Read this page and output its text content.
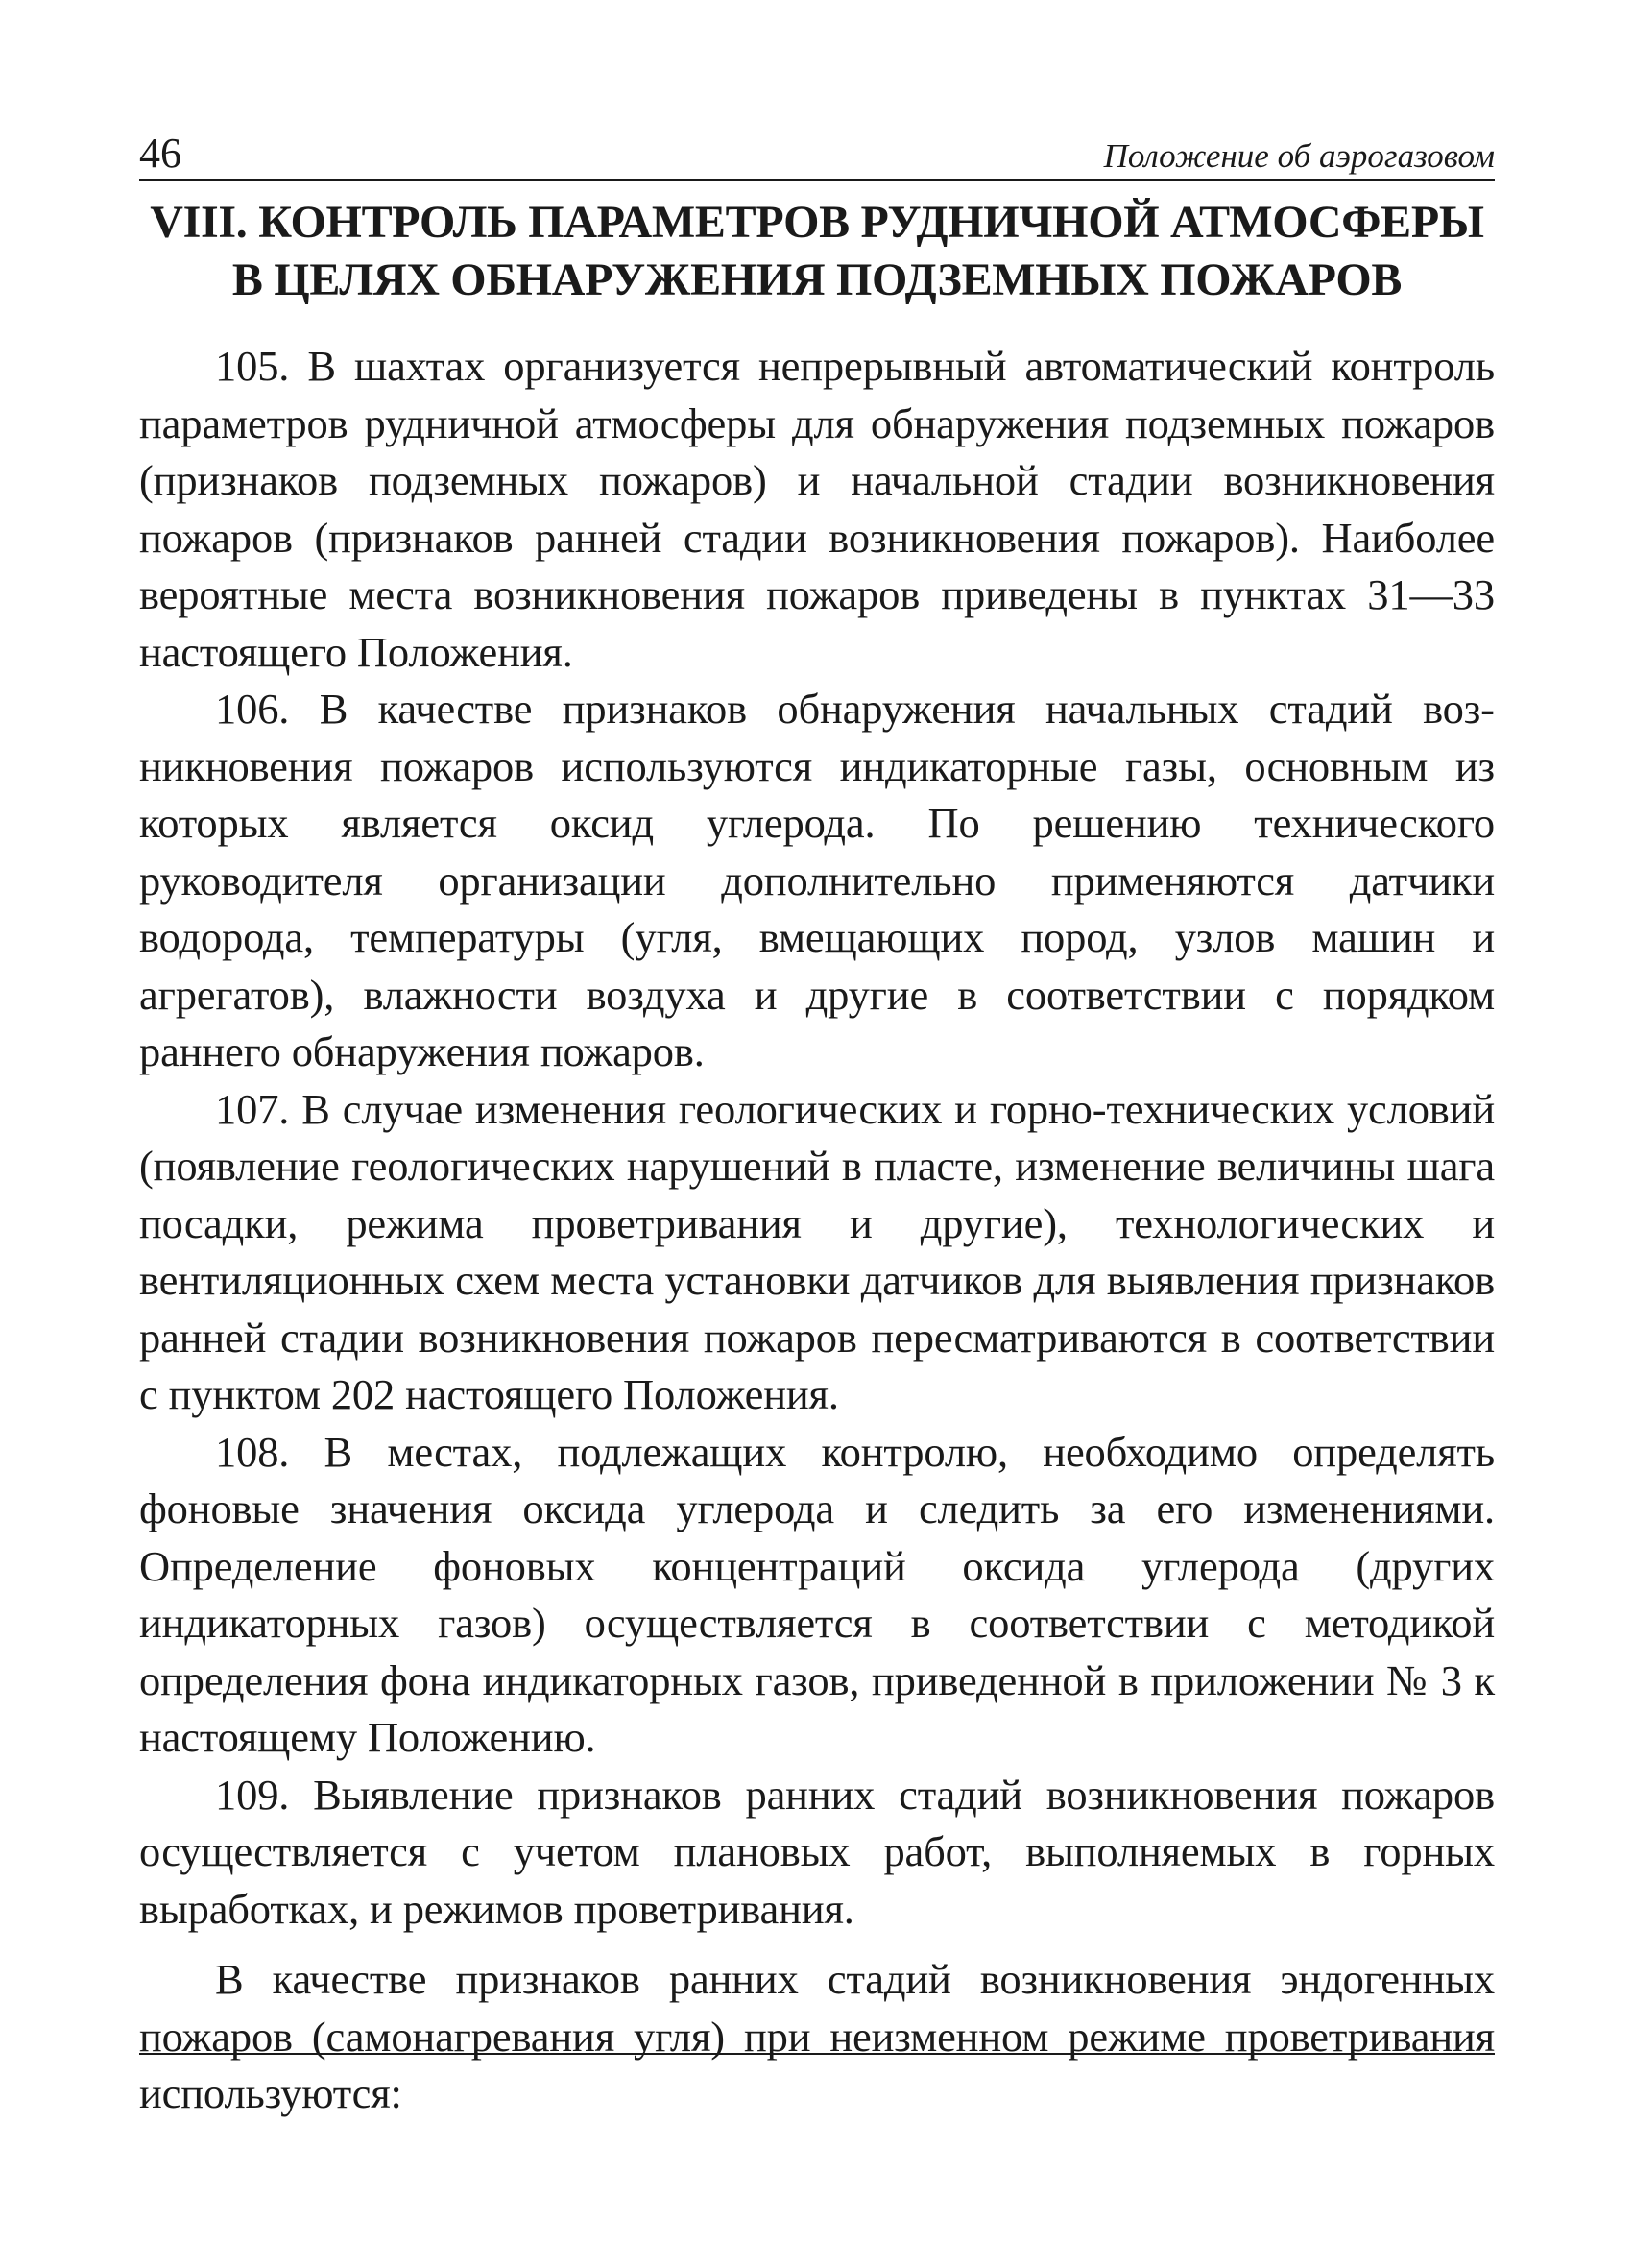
46	Положение об аэрогазовом
VIII. КОНТРОЛЬ ПАРАМЕТРОВ РУДНИЧНОЙ АТМОСФЕРЫ
В ЦЕЛЯХ ОБНАРУЖЕНИЯ ПОДЗЕМНЫХ ПОЖАРОВ

105. В шахтах организуется непрерывный автоматический контроль параметров рудничной атмосферы для обнаружения подземных пожаров (признаков подземных пожаров) и начальной стадии возникновения пожаров (признаков ранней стадии возникновения пожаров). Наиболее вероятные места возникновения пожаров приведены в пунктах 31—33 настоящего Положения.

106. В качестве признаков обнаружения начальных стадий возникновения пожаров используются индикаторные газы, основным из которых является оксид углерода. По решению технического руководителя организации дополнительно применяются датчики водорода, температуры (угля, вмещающих пород, узлов машин и агрегатов), влажности воздуха и другие в соответствии с порядком раннего обнаружения пожаров.

107. В случае изменения геологических и горно-технических условий (появление геологических нарушений в пласте, изменение величины шага посадки, режима проветривания и другие), технологических и вентиляционных схем места установки датчиков для выявления признаков ранней стадии возникновения пожаров пересматриваются в соответствии с пунктом 202 настоящего Положения.

108. В местах, подлежащих контролю, необходимо определять фоновые значения оксида углерода и следить за его изменениями. Определение фоновых концентраций оксида углерода (других индикаторных газов) осуществляется в соответствии с методикой определения фона индикаторных газов, приведенной в приложении № 3 к настоящему Положению.

109. Выявление признаков ранних стадий возникновения пожаров осуществляется с учетом плановых работ, выполняемых в горных выработках, и режимов проветривания.

В качестве признаков ранних стадий возникновения эндогенных пожаров (самонагревания угля) при неизменном режиме проветривания используются:
